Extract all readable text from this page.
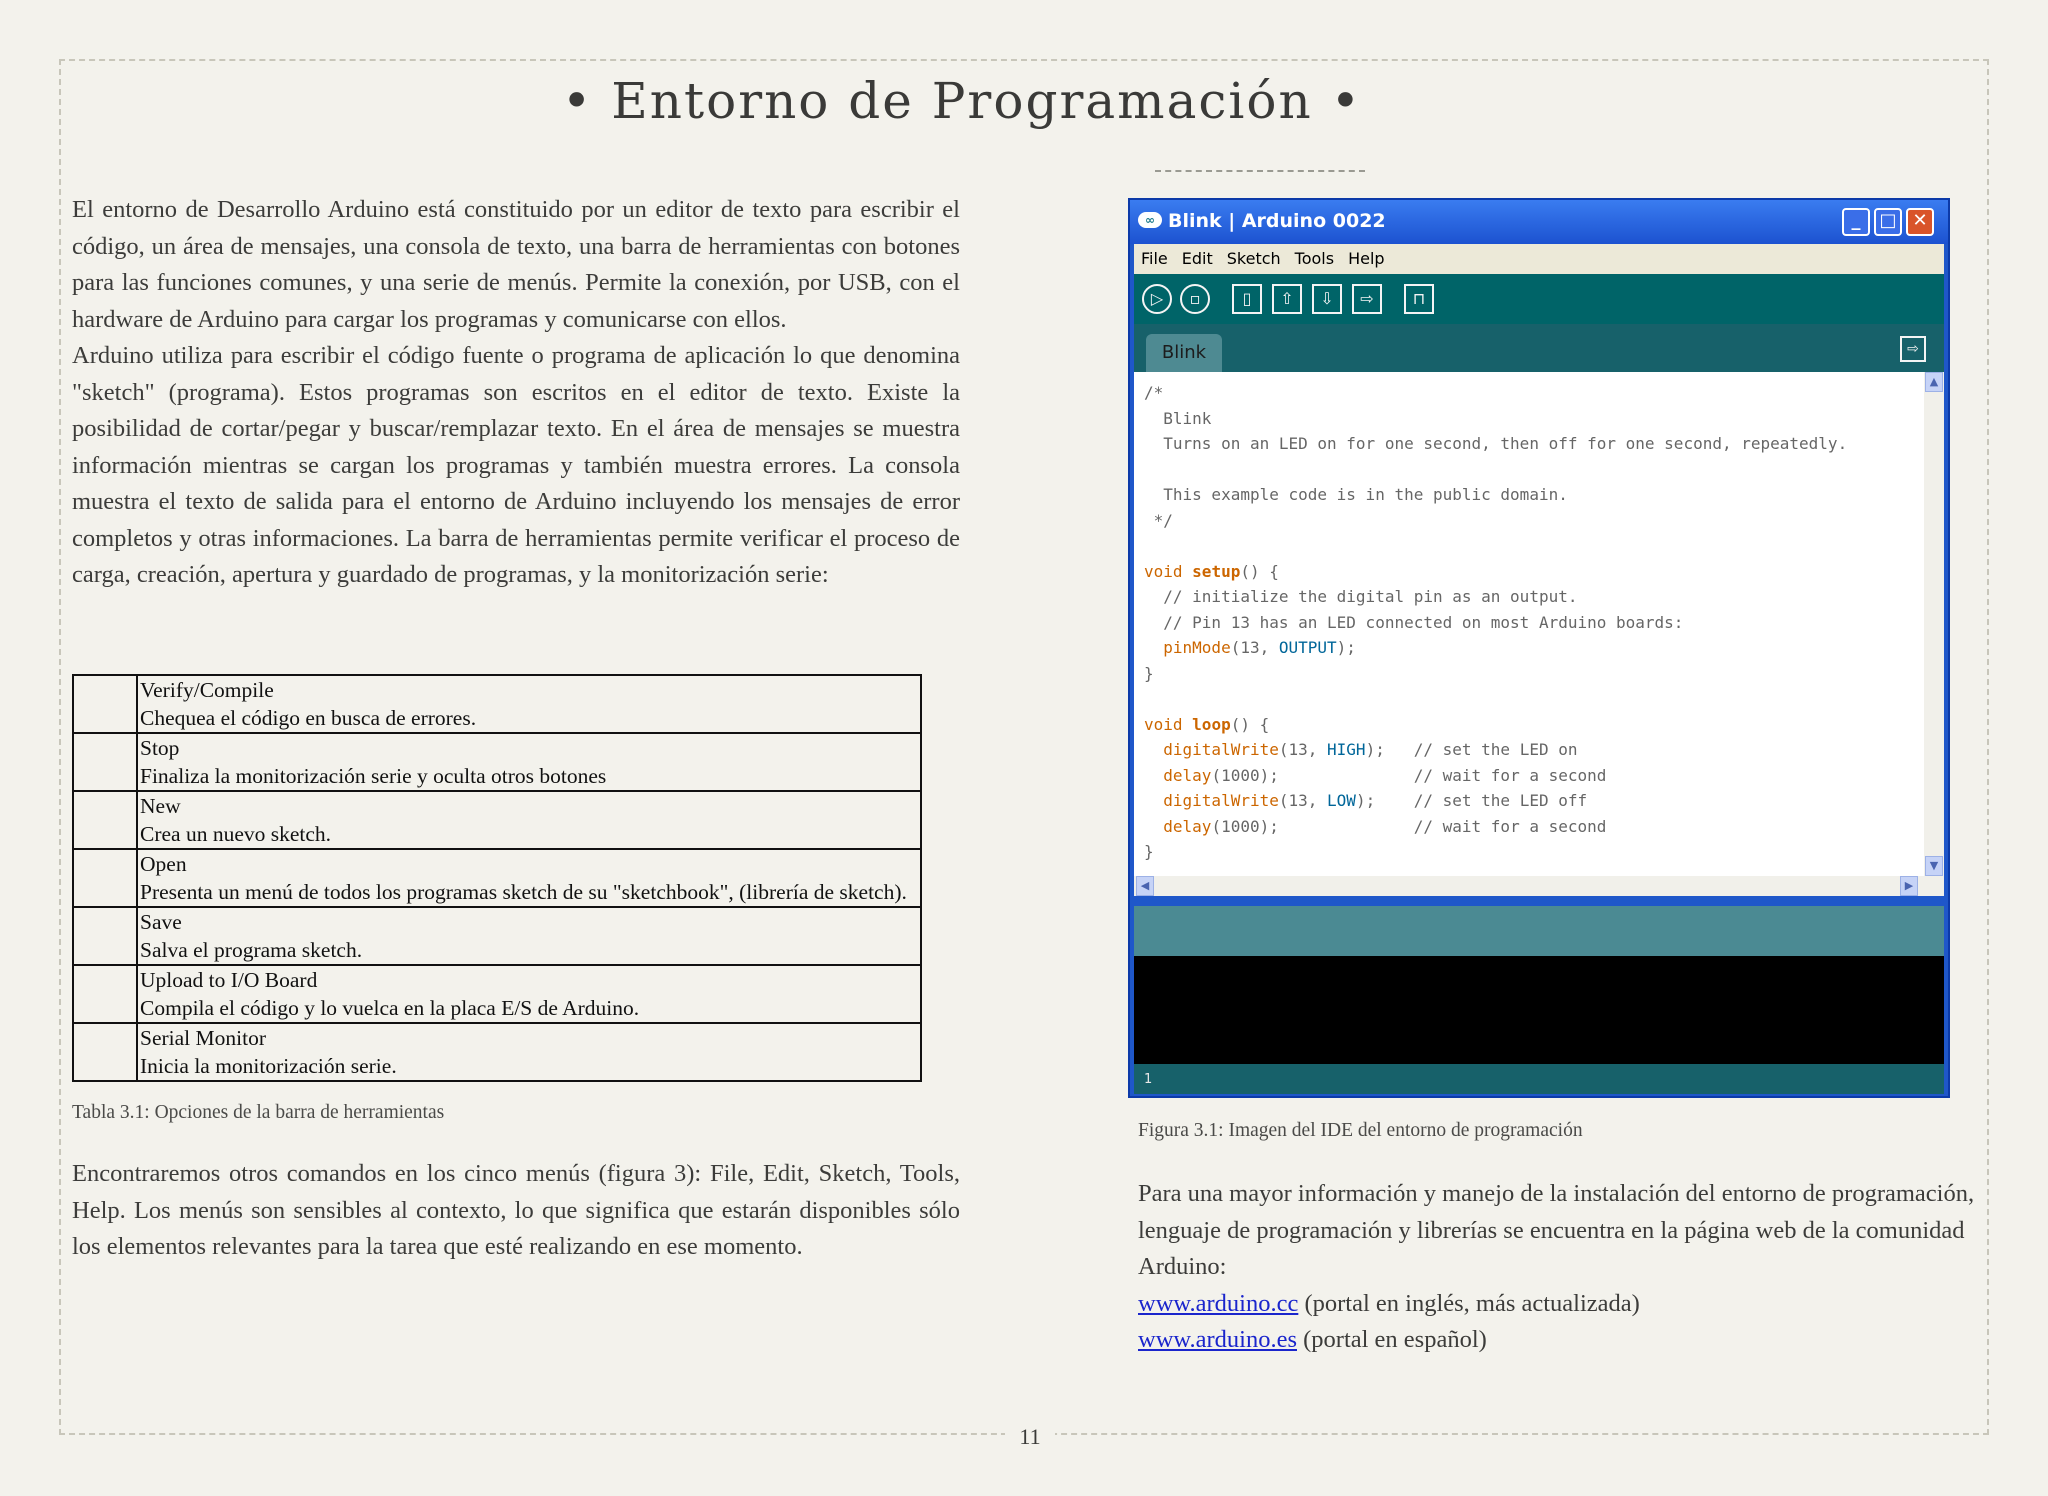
• Entorno de Programación •

El entorno de Desarrollo Arduino está constituido por un editor de texto para escribir el código, un área de mensajes, una consola de texto, una barra de herramientas con botones para las funciones comunes, y una serie de menús. Permite la conexión, por USB, con el hardware de Arduino para cargar los programas y comunicarse con ellos.

Arduino utiliza para escribir el código fuente o programa de aplicación lo que denomina "sketch" (programa). Estos programas son escritos en el editor de texto. Existe la posibilidad de cortar/pegar y buscar/remplazar texto. En el área de mensajes se muestra información mientras se cargan los programas y también muestra errores. La consola muestra el texto de salida para el entorno de Arduino incluyendo los mensajes de error completos y otras informaciones. La barra de herramientas permite verificar el proceso de carga, creación, apertura y guardado de programas, y la monitorización serie:

	Verify/Compile
Chequea el código en busca de errores.

	Stop
Finaliza la monitorización serie y oculta otros botones

	New
Crea un nuevo sketch.

	Open
Presenta un menú de todos los programas sketch de su "sketchbook", (librería de sketch).

	Save
Salva el programa sketch.

	Upload to I/O Board
Compila el código y lo vuelca en la placa E/S de Arduino.

	Serial Monitor
Inicia la monitorización serie.
Tabla 3.1: Opciones de la barra de herramientas

Encontraremos otros comandos en los cinco menús (figura 3): File, Edit, Sketch, Tools, Help. Los menús son sensibles al contexto, lo que significa que estarán disponibles sólo los elementos relevantes para la tarea que esté realizando en ese momento.

∞ Blink | Arduino 0022	_	□ ✕
File Edit Sketch Tools Help
▷	▫	▯	⇧	⇩	⇨	⊓
Blink	⇨
/*
Blink
Turns on an LED on for one second, then off for one second, repeatedly.

This example code is in the public domain.
*/

void setup() {
// initialize the digital pin as an output.
// Pin 13 has an LED connected on most Arduino boards:
pinMode(13, OUTPUT);
}

void loop() {
digitalWrite(13, HIGH);   // set the LED on
delay(1000);              // wait for a second
digitalWrite(13, LOW);    // set the LED off
delay(1000);              // wait for a second
}
▲
▼
◀	▶
1
Figura 3.1: Imagen del IDE del entorno de programación

Para una mayor información y manejo de la instalación del entorno de programación, lenguaje de programación y librerías se encuentra en la página web de la comunidad Arduino:

www.arduino.cc (portal en inglés, más actualizada)

www.arduino.es (portal en español)

11
